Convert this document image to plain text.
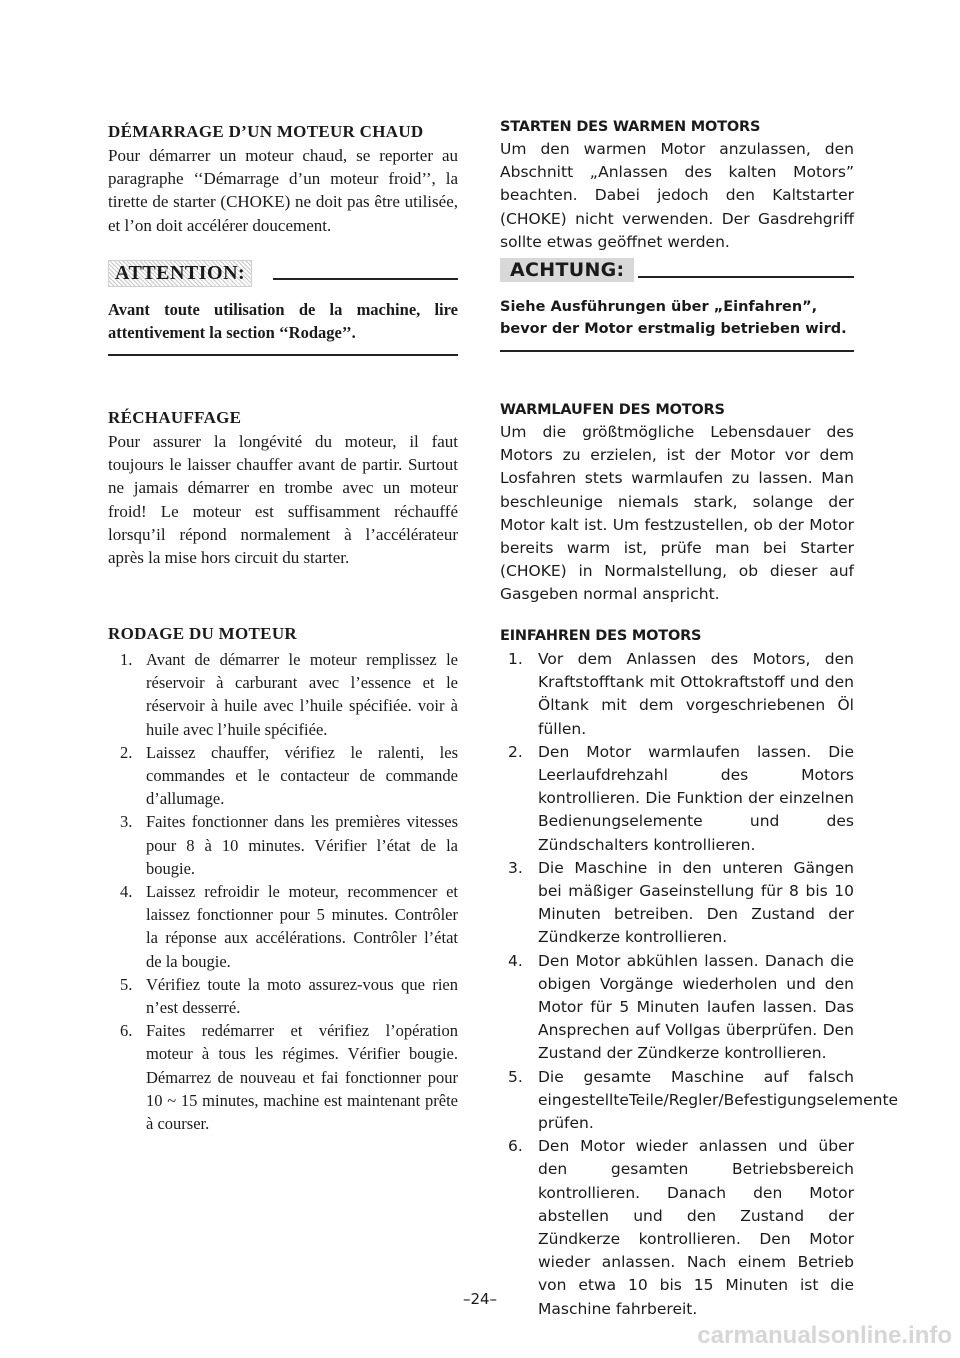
DÉMARRAGE D’UN MOTEUR CHAUD

Pour démarrer un moteur chaud, se reporter au paragraphe ‘‘Démarrage d’un moteur froid’’, la tirette de starter (CHOKE) ne doit pas être utilisée, et l’on doit accélérer doucement.

ATTENTION:
Avant toute utilisation de la machine, lire attentivement la section ‘‘Rodage’’.
RÉCHAUFFAGE

Pour assurer la longévité du moteur, il faut toujours le laisser chauffer avant de partir. Surtout ne jamais démarrer en trombe avec un moteur froid! Le moteur est suffisamment réchauffé lorsqu’il répond normalement à l’accélérateur après la mise hors circuit du starter.

RODAGE DU MOTEUR
1. Avant de démarrer le moteur remplissez le réservoir à carburant avec l’essence et le réservoir à huile avec l’huile spécifiée. voir à huile avec l’huile spécifiée.
2. Laissez chauffer, vérifiez le ralenti, les commandes et le contacteur de commande d’allumage.
3. Faites fonctionner dans les premières vitesses pour 8 à 10 minutes. Vérifier l’état de la bougie.
4. Laissez refroidir le moteur, recommencer et laissez fonctionner pour 5 minutes. Contrôler la réponse aux accélérations. Contrôler l’état de la bougie.
5. Vérifiez toute la moto assurez-vous que rien n’est desserré.
6. Faites redémarrer et vérifiez l’opération moteur à tous les régimes. Vérifier bougie. Démarrez de nouveau et fai fonctionner pour 10 ~ 15 minutes, machine est maintenant prête à courser.
STARTEN DES WARMEN MOTORS

Um den warmen Motor anzulassen, den Abschnitt „Anlassen des kalten Motors” beachten. Dabei jedoch den Kaltstarter (CHOKE) nicht verwenden. Der Gasdrehgriff sollte etwas geöffnet werden.

ACHTUNG:
Siehe Ausführungen über „Einfahren”, bevor der Motor erstmalig betrieben wird.
WARMLAUFEN DES MOTORS

Um die größtmögliche Lebensdauer des Motors zu erzielen, ist der Motor vor dem Losfahren stets warmlaufen zu lassen. Man beschleunige niemals stark, solange der Motor kalt ist. Um festzustellen, ob der Motor bereits warm ist, prüfe man bei Starter (CHOKE) in Normalstellung, ob dieser auf Gasgeben normal anspricht.

EINFAHREN DES MOTORS
1. Vor dem Anlassen des Motors, den Kraftstofftank mit Ottokraftstoff und den Öltank mit dem vorgeschriebenen Öl füllen.
2. Den Motor warmlaufen lassen. Die Leerlaufdrehzahl des Motors kontrollieren. Die Funktion der einzelnen Bedienungselemente und des Zündschalters kontrollieren.
3. Die Maschine in den unteren Gängen bei mäßiger Gaseinstellung für 8 bis 10 Minuten betreiben. Den Zustand der Zündkerze kontrollieren.
4. Den Motor abkühlen lassen. Danach die obigen Vorgänge wiederholen und den Motor für 5 Minuten laufen lassen. Das Ansprechen auf Vollgas überprüfen. Den Zustand der Zündkerze kontrollieren.
5. Die gesamte Maschine auf falsch eingestellteTeile/Regler/Befestigungselemente prüfen.
6. Den Motor wieder anlassen und über den gesamten Betriebsbereich kontrollieren. Danach den Motor abstellen und den Zustand der Zündkerze kontrollieren. Den Motor wieder anlassen. Nach einem Betrieb von etwa 10 bis 15 Minuten ist die Maschine fahrbereit.
–24–
carmanualsonline.info
